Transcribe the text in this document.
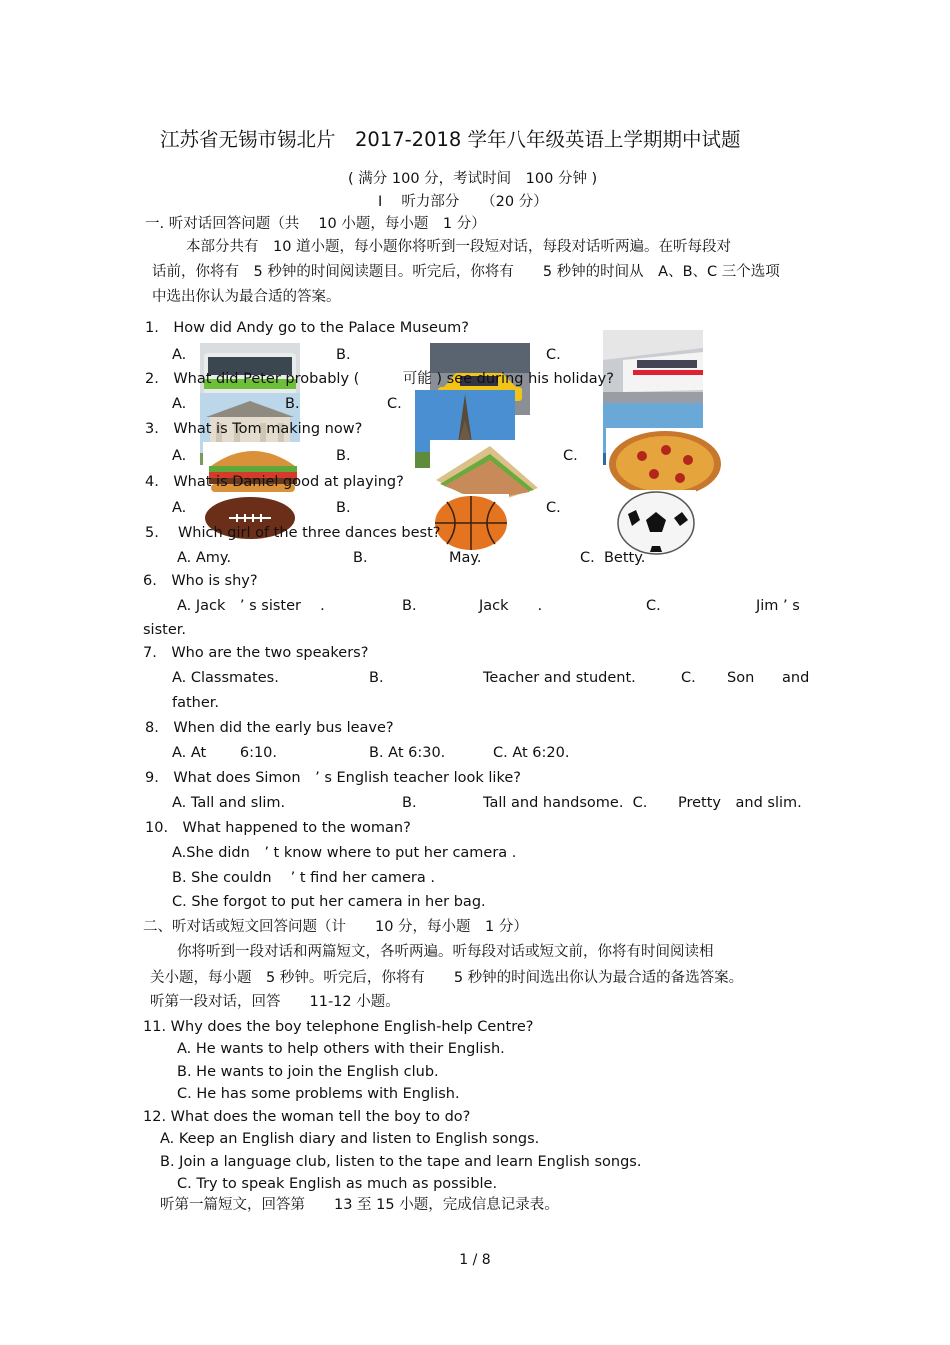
江苏省无锡市锡北片　2017-2018 学年八年级英语上学期期中试题
( 满分 100 分，考试时间　100 分钟 )
I　 听力部分　　（20 分）
一. 听对话回答问题（共　 10 小题，每小题　1 分）
本部分共有　10 道小题，每小题你将听到一段短对话，每段对话听两遍。在听每段对
话前，你将有　5 秒钟的时间阅读题目。听完后，你将有　　5 秒钟的时间从　A、B、C 三个选项
中选出你认为最合适的答案。
1.　How did Andy go to the Palace Museum?
A.	B.	C.
2.　What did Peter probably (　　　可能 ) see during his holiday?
A.	B.	C.
3.　What is Tom making now?
A.	B.	C.
4.　What is Daniel good at playing?
A.	B.	C.
5.　 Which girl of the three dances best?
A. Amy.	B.	May.	C.  Betty.
6.　Who is shy?
A. Jack　’ s sister　 .	B.	Jack　　.	C.	Jim ’ s
sister.
7.　Who are the two speakers?
A. Classmates.	B.	Teacher and student.	C. Son and
father.
8.　When did the early bus leave?
A. At　　 6:10.	B. At 6:30.	C. At 6:20.
9.　What does Simon　’ s English teacher look like?
A. Tall and slim.	B.	Tall and handsome.  C. Pretty　and slim.
10.　What happened to the woman?
A.She didn　’ t know where to put her camera .
B. She couldn　 ’ t find her camera .
C. She forgot to put her camera in her bag.
二、听对话或短文回答问题（计　　10 分，每小题　1 分）
你将听到一段对话和两篇短文，各听两遍。听每段对话或短文前，你将有时间阅读相
关小题，每小题　5 秒钟。听完后，你将有　　5 秒钟的时间选出你认为最合适的备选答案。
听第一段对话，回答　　11-12 小题。
11. Why does the boy telephone English-help Centre?
A. He wants to help others with their English.
B. He wants to join the English club.
C. He has some problems with English.
12. What does the woman tell the boy to do?
A. Keep an English diary and listen to English songs.
B. Join a language club, listen to the tape and learn English songs.
C. Try to speak English as much as possible.
听第一篇短文，回答第　　13 至 15 小题，完成信息记录表。
1 / 8
